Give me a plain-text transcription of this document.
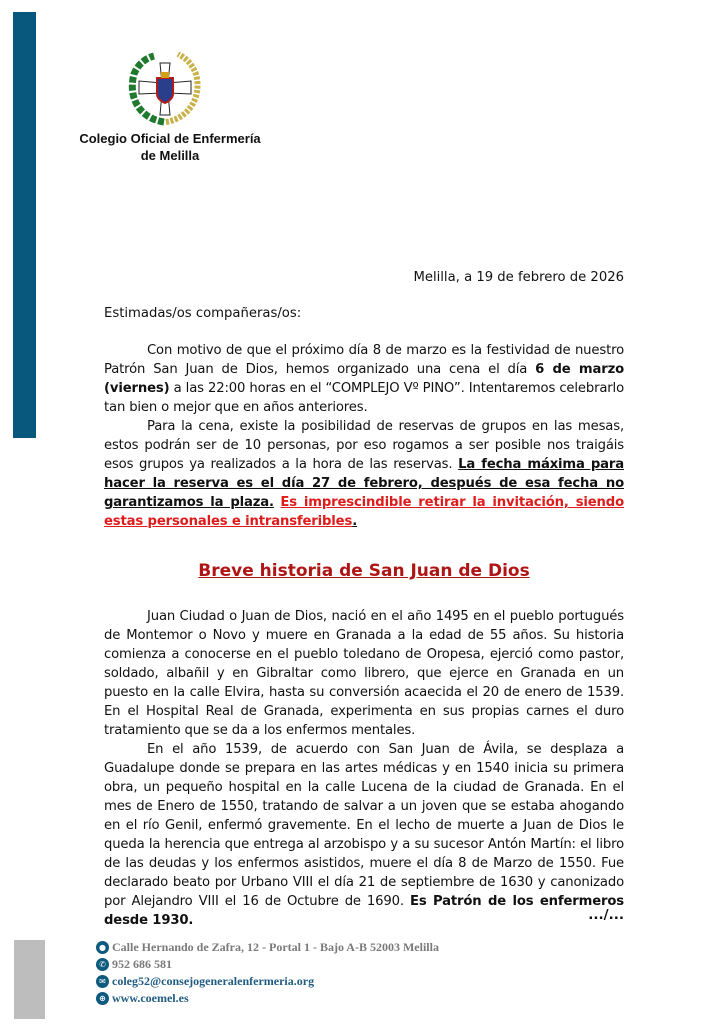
Colegio Oficial de Enfermería
de Melilla
Melilla, a 19 de febrero de 2026
Estimadas/os compañeras/os:
Con motivo de que el próximo día 8 de marzo es la festividad de nuestro Patrón San Juan de Dios, hemos organizado una cena el día 6 de marzo (viernes) a las 22:00 horas en el “COMPLEJO Vº PINO”. Intentaremos celebrarlo tan bien o mejor que en años anteriores.
Para la cena, existe la posibilidad de reservas de grupos en las mesas, estos podrán ser de 10 personas, por eso rogamos a ser posible nos traigáis esos grupos ya realizados a la hora de las reservas. La fecha máxima para hacer la reserva es el día 27 de febrero, después de esa fecha no garantizamos la plaza. Es imprescindible retirar la invitación, siendo estas personales e intransferibles.
Breve historia de San Juan de Dios
Juan Ciudad o Juan de Dios, nació en el año 1495 en el pueblo portugués de Montemor o Novo y muere en Granada a la edad de 55 años. Su historia comienza a conocerse en el pueblo toledano de Oropesa, ejerció como pastor, soldado, albañil y en Gibraltar como librero, que ejerce en Granada en un puesto en la calle Elvira, hasta su conversión acaecida el 20 de enero de 1539. En el Hospital Real de Granada, experimenta en sus propias carnes el duro tratamiento que se da a los enfermos mentales.
En el año 1539, de acuerdo con San Juan de Ávila, se desplaza a Guadalupe donde se prepara en las artes médicas y en 1540 inicia su primera obra, un pequeño hospital en la calle Lucena de la ciudad de Granada. En el mes de Enero de 1550, tratando de salvar a un joven que se estaba ahogando en el río Genil, enfermó gravemente. En el lecho de muerte a Juan de Dios le queda la herencia que entrega al arzobispo y a su sucesor Antón Martín: el libro de las deudas y los enfermos asistidos, muere el día 8 de Marzo de 1550. Fue declarado beato por Urbano VIII el día 21 de septiembre de 1630 y canonizado por Alejandro VIII el 16 de Octubre de 1690. Es Patrón de los enfermeros desde 1930.	.../...
● Calle Hernando de Zafra, 12 - Portal 1 - Bajo A-B 52003 Melilla
✆ 952 686 581
✉ coleg52@consejogeneralenfermeria.org
⊕ www.coemel.es
